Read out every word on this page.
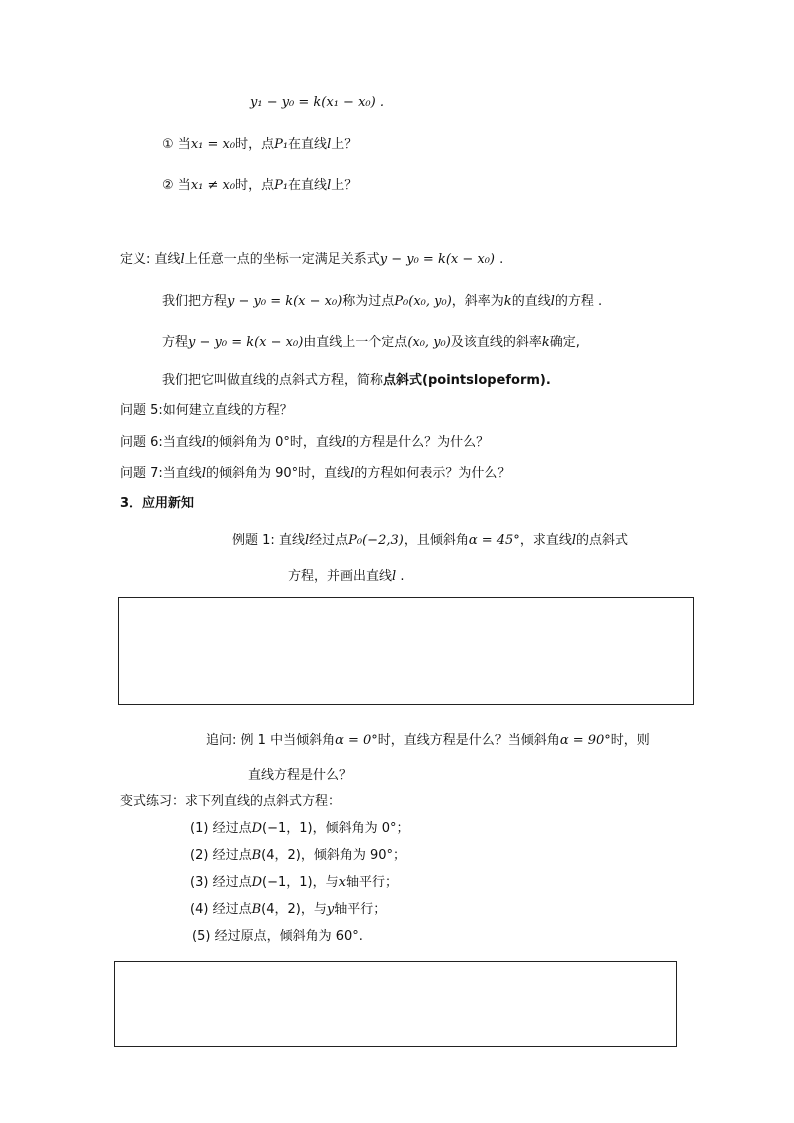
y₁ − y₀ = k(x₁ − x₀) .
① 当x₁ = x₀时，点P₁在直线l上？
② 当x₁ ≠ x₀时，点P₁在直线l上？
定义: 直线l上任意一点的坐标一定满足关系式y − y₀ = k(x − x₀) .
我们把方程y − y₀ = k(x − x₀)称为过点P₀(x₀, y₀)，斜率为k的直线l的方程 .
方程y − y₀ = k(x − x₀)由直线上一个定点(x₀, y₀)及该直线的斜率k确定,
我们把它叫做直线的点斜式方程，简称点斜式(pointslopeform).
问题 5:如何建立直线的方程？
问题 6:当直线l的倾斜角为 0°时，直线l的方程是什么？为什么？
问题 7:当直线l的倾斜角为 90°时，直线l的方程如何表示？为什么？
3．应用新知
例题 1: 直线l经过点P₀(−2,3)，且倾斜角α = 45°，求直线l的点斜式
方程，并画出直线l .
追问: 例 1 中当倾斜角α = 0°时，直线方程是什么？当倾斜角α = 90°时，则
直线方程是什么？
变式练习：求下列直线的点斜式方程：
(1) 经过点D(−1，1)，倾斜角为 0°；
(2) 经过点B(4，2)，倾斜角为 90°；
(3) 经过点D(−1，1)，与x轴平行；
(4) 经过点B(4，2)，与y轴平行；
(5) 经过原点，倾斜角为 60°.
